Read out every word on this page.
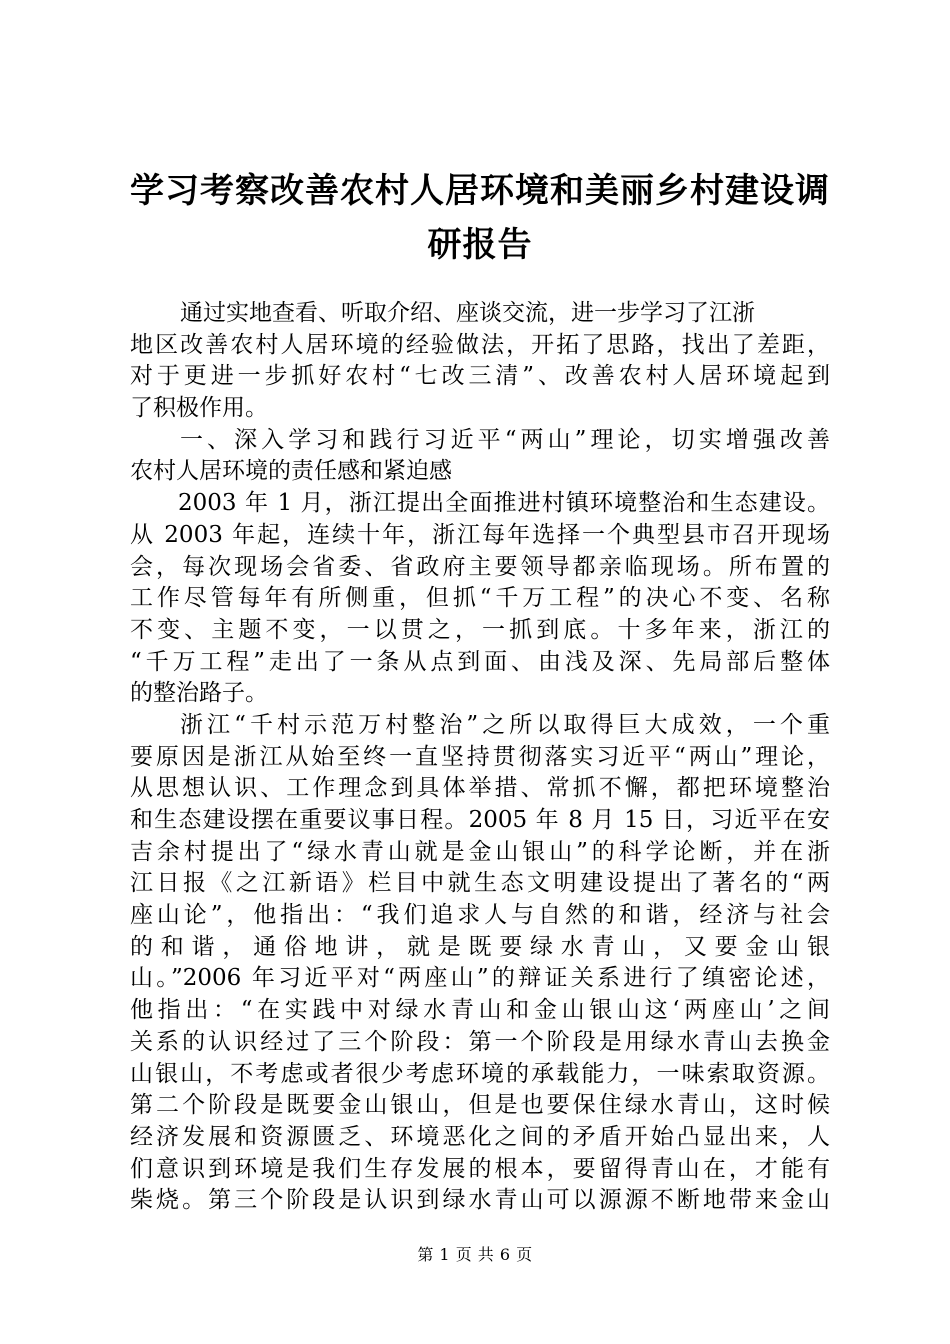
学习考察改善农村人居环境和美丽乡村建设调
研报告
通过实地查看、听取介绍、座谈交流，进一步学习了江浙
地区改善农村人居环境的经验做法，开拓了思路，找出了差距，
对于更进一步抓好农村“七改三清”、改善农村人居环境起到
了积极作用。
一、深入学习和践行习近平“两山”理论，切实增强改善
农村人居环境的责任感和紧迫感
2003 年 1 月，浙江提出全面推进村镇环境整治和生态建设。
从 2003 年起，连续十年，浙江每年选择一个典型县市召开现场
会，每次现场会省委、省政府主要领导都亲临现场。所布置的
工作尽管每年有所侧重，但抓“千万工程”的决心不变、名称
不变、主题不变，一以贯之，一抓到底。十多年来，浙江的
“千万工程”走出了一条从点到面、由浅及深、先局部后整体
的整治路子。
浙江“千村示范万村整治”之所以取得巨大成效，一个重
要原因是浙江从始至终一直坚持贯彻落实习近平“两山”理论，
从思想认识、工作理念到具体举措、常抓不懈，都把环境整治
和生态建设摆在重要议事日程。2005 年 8 月 15 日，习近平在安
吉余村提出了“绿水青山就是金山银山”的科学论断，并在浙
江日报《之江新语》栏目中就生态文明建设提出了著名的“两
座山论”，他指出：“我们追求人与自然的和谐，经济与社会
的和谐，通俗地讲，就是既要绿水青山，又要金山银
山。”2006 年习近平对“两座山”的辩证关系进行了缜密论述，
他指出：“在实践中对绿水青山和金山银山这‘两座山’之间
关系的认识经过了三个阶段：第一个阶段是用绿水青山去换金
山银山，不考虑或者很少考虑环境的承载能力，一味索取资源。
第二个阶段是既要金山银山，但是也要保住绿水青山，这时候
经济发展和资源匮乏、环境恶化之间的矛盾开始凸显出来，人
们意识到环境是我们生存发展的根本，要留得青山在，才能有
柴烧。第三个阶段是认识到绿水青山可以源源不断地带来金山
第 1 页 共 6 页
